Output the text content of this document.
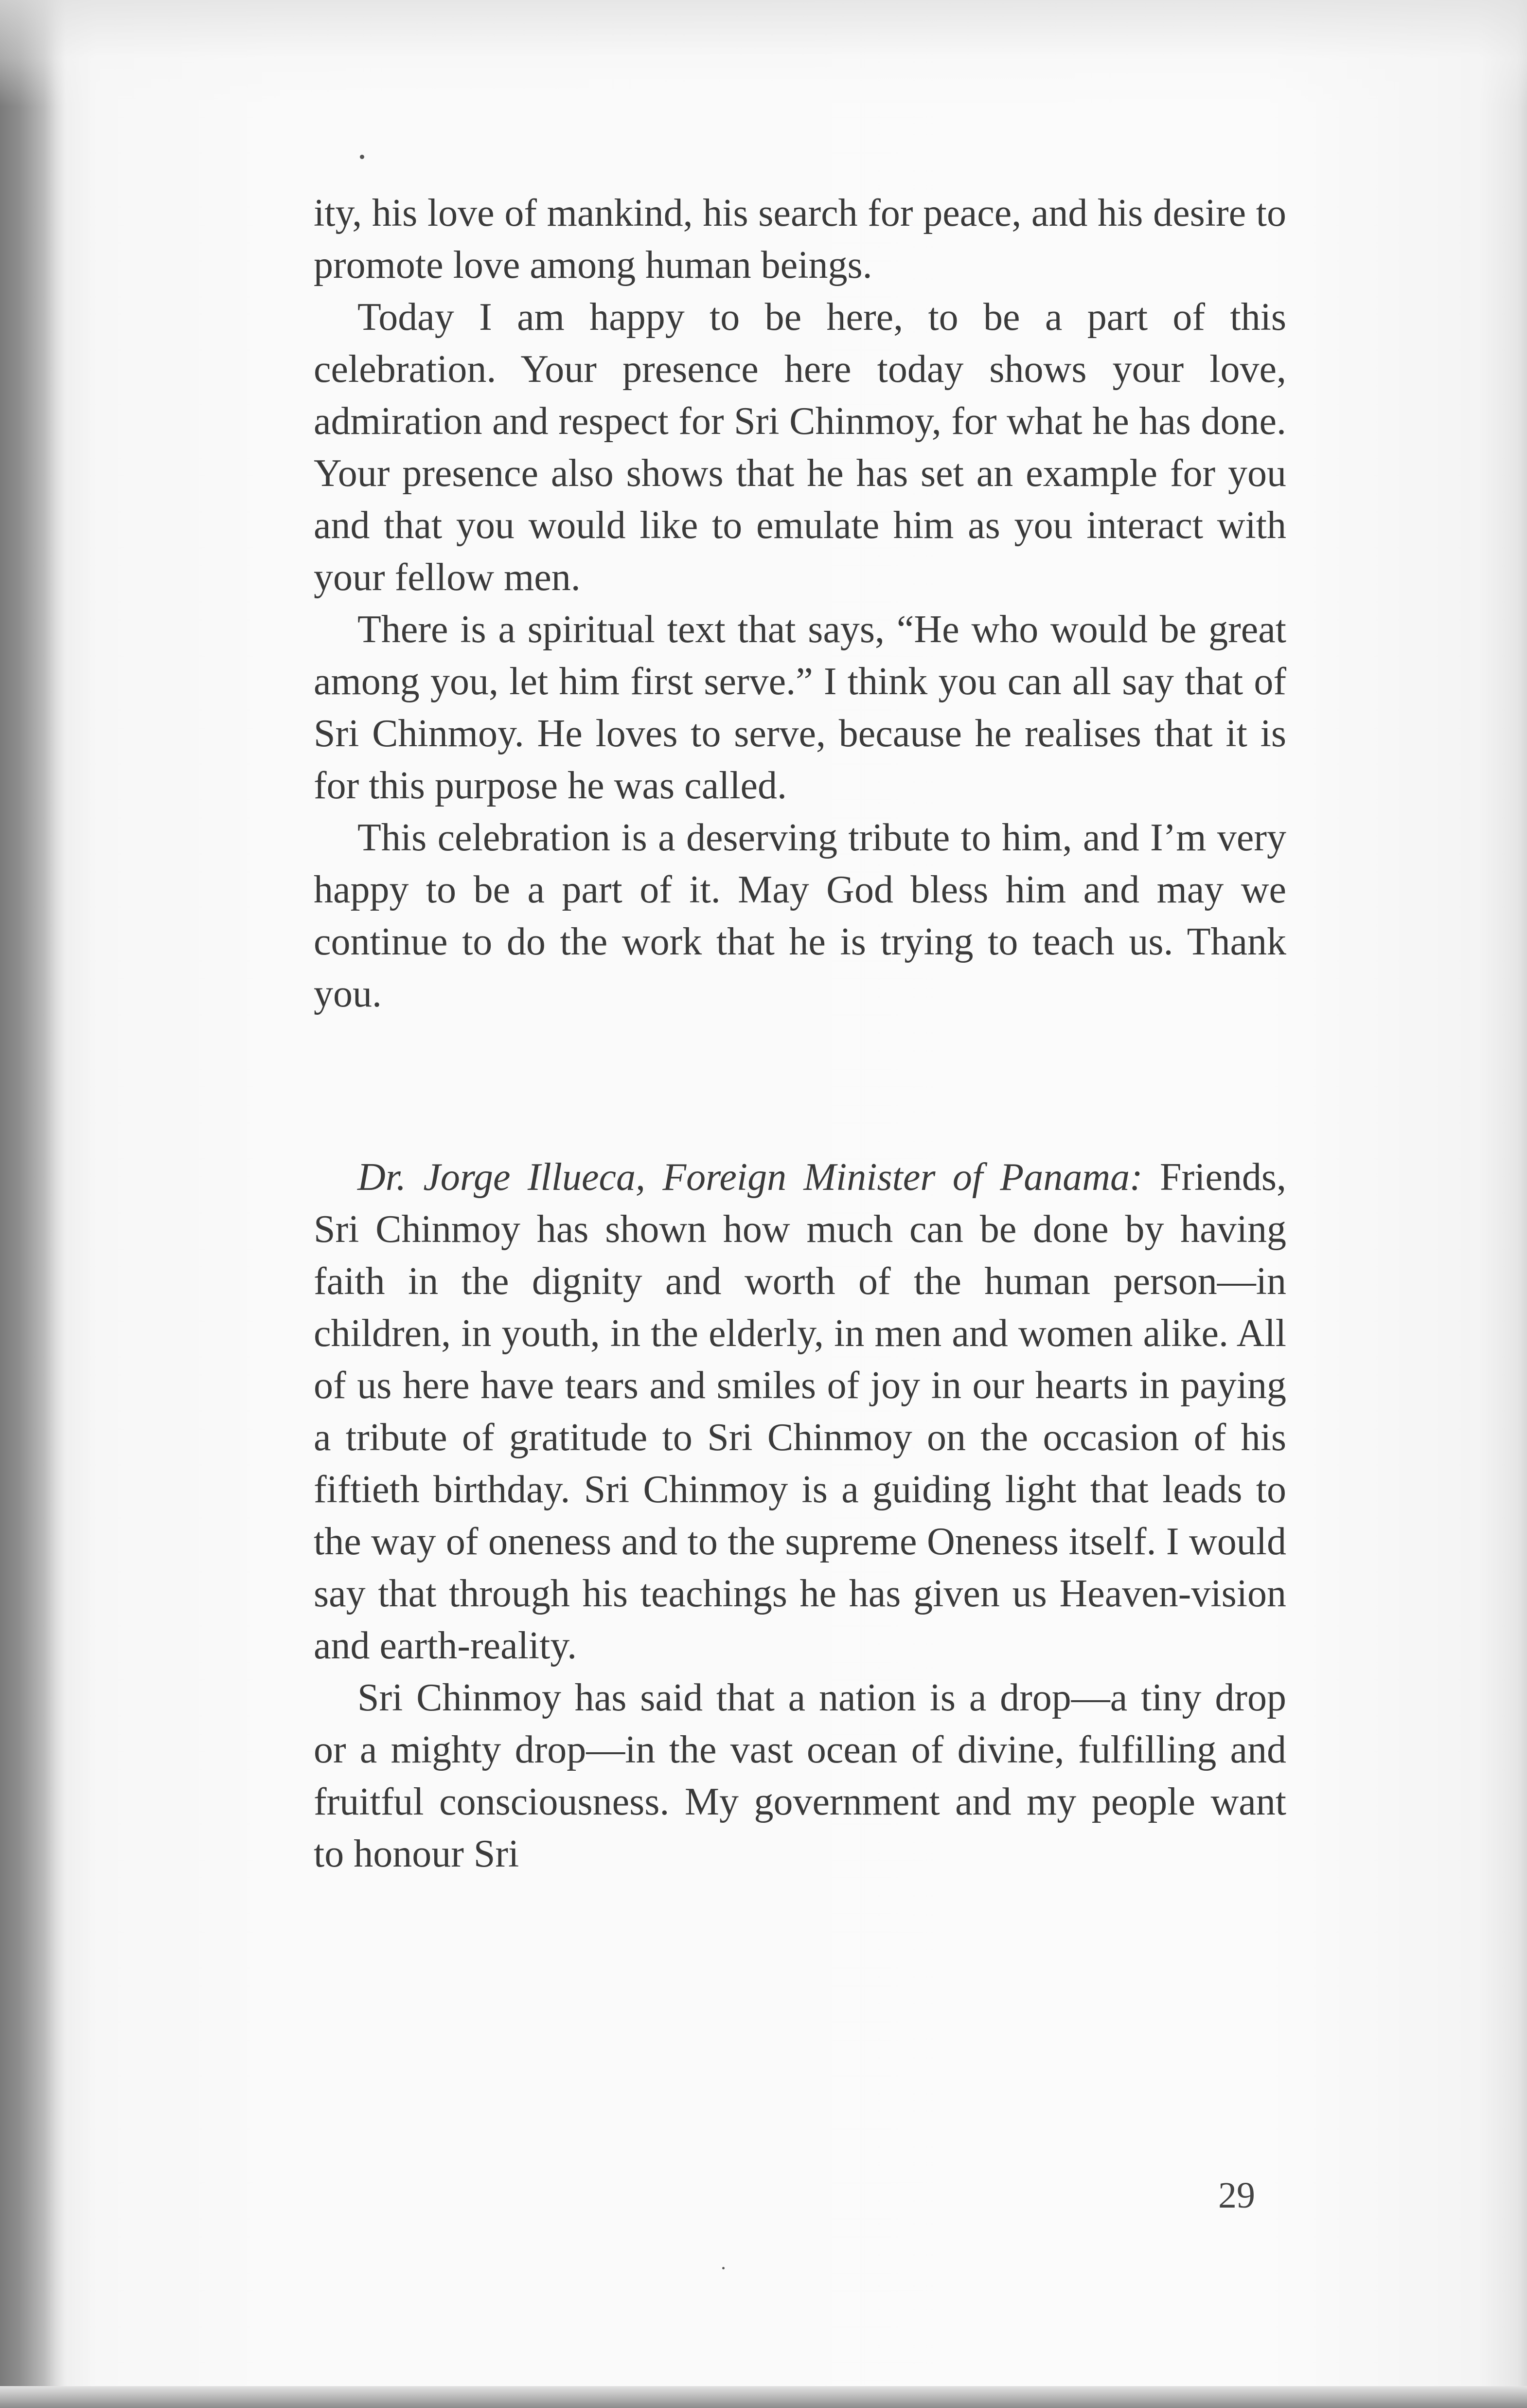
ity, his love of mankind, his search for peace, and his desire to promote love among human beings.

Today I am happy to be here, to be a part of this celebration. Your presence here today shows your love, admiration and respect for Sri Chinmoy, for what he has done. Your presence also shows that he has set an example for you and that you would like to emulate him as you interact with your fellow men.

There is a spiritual text that says, “He who would be great among you, let him first serve.” I think you can all say that of Sri Chinmoy. He loves to serve, because he realises that it is for this purpose he was called.

This celebration is a deserving tribute to him, and I’m very happy to be a part of it. May God bless him and may we continue to do the work that he is trying to teach us. Thank you.

Dr. Jorge Illueca, Foreign Minister of Panama: Friends, Sri Chinmoy has shown how much can be done by having faith in the dignity and worth of the human person—in children, in youth, in the elderly, in men and women alike. All of us here have tears and smiles of joy in our hearts in paying a tribute of gratitude to Sri Chinmoy on the occasion of his fiftieth birthday. Sri Chinmoy is a guiding light that leads to the way of oneness and to the supreme Oneness itself. I would say that through his teachings he has given us Heaven-vision and earth-reality.

Sri Chinmoy has said that a nation is a drop—a tiny drop or a mighty drop—in the vast ocean of divine, fulfilling and fruitful consciousness. My government and my people want to honour Sri

29
